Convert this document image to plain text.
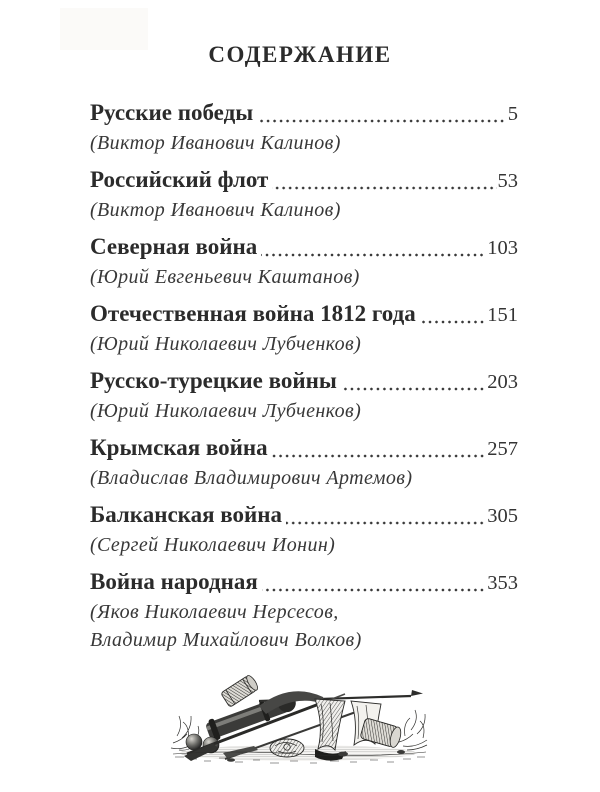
СОДЕРЖАНИЕ
Русские победы	5
(Виктор Иванович Калинов)
Российский флот	53
(Виктор Иванович Калинов)
Северная война	103
(Юрий Евгеньевич Каштанов)
Отечественная война 1812 года	151
(Юрий Николаевич Лубченков)
Русско-турецкие войны	203
(Юрий Николаевич Лубченков)
Крымская война	257
(Владислав Владимирович Артемов)
Балканская война	305
(Сергей Николаевич Ионин)
Война народная	353
(Яков Николаевич Нерсесов,
Владимир Михайлович Волков)
